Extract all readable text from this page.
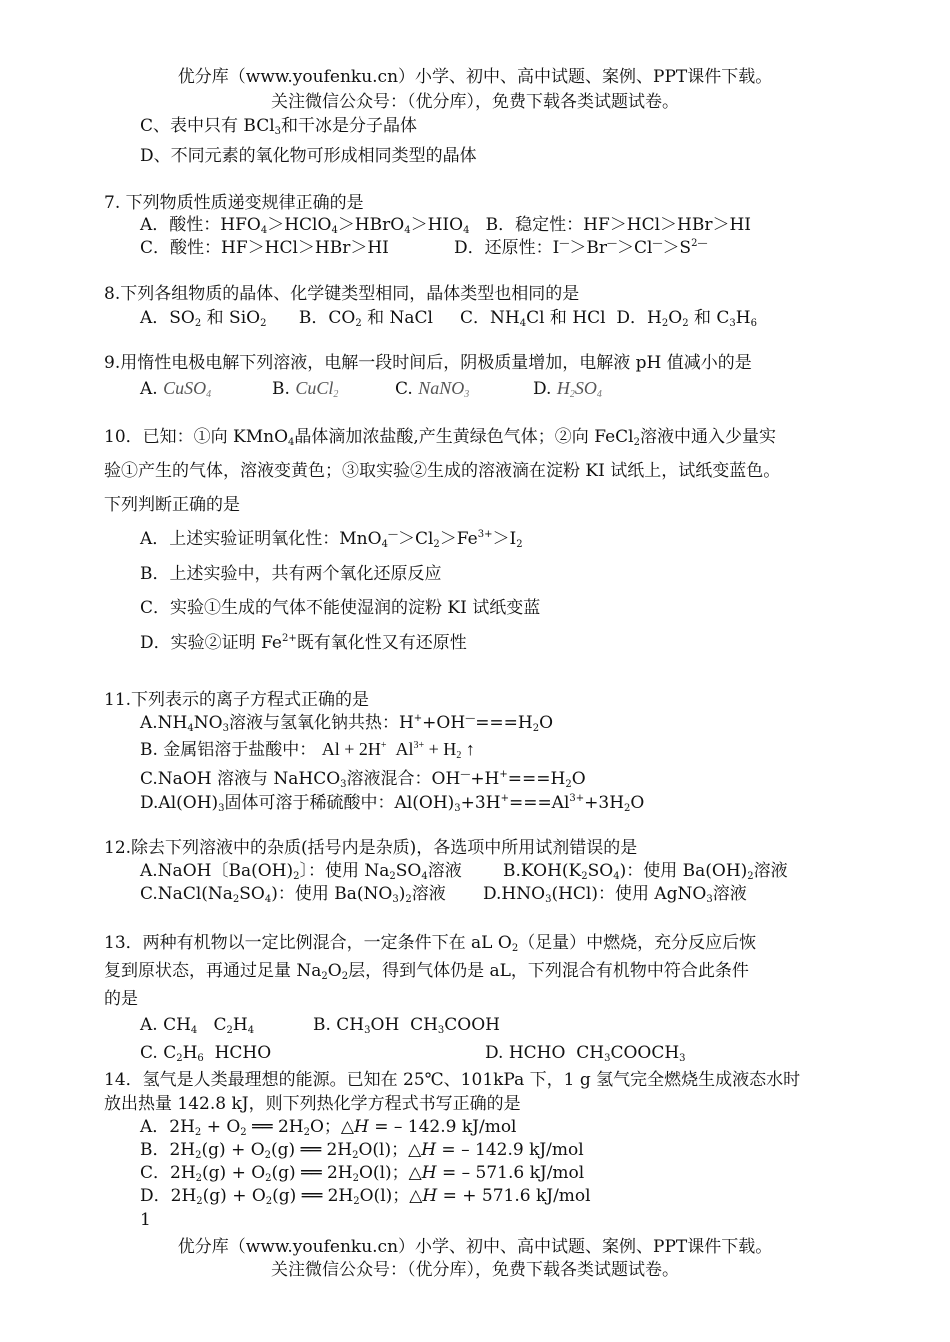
优分库（www.youfenku.cn）小学、初中、高中试题、案例、PPT课件下载。
关注微信公众号：（优分库），免费下载各类试题试卷。
C、表中只有 BCl$_3$和干冰是分子晶体
D、不同元素的氧化物可形成相同类型的晶体
7. 下列物质性质递变规律正确的是
A．酸性：$HFO_4>HClO_4>HBrO_4>HIO_4$   B．稳定性：HF＞HCl＞HBr＞HI
C．酸性：HF＞HCl＞HBr＞HI	D．还原性：$I^—>Br^—>Cl^—>S^{2—}$
8.下列各组物质的晶体、化学键类型相同，晶体类型也相同的是
A．$SO_2$ 和 SiO$_2$      B．$CO_2$ 和 NaCl     C．$NH_4Cl$ 和 HCl  D．$H_2O_2$ 和 $C_3H_6$
9.用惰性电极电解下列溶液，电解一段时间后，阴极质量增加，电解液 pH 值减小的是
A. CuSO$_4$	B. CuCl$_2$	C. NaNO$_3$	D. $H_2SO_4$
10．已知：①向 KMnO$_4$晶体滴加浓盐酸,产生黄绿色气体；②向 FeCl$_2$溶液中通入少量实
验①产生的气体，溶液变黄色；③取实验②生成的溶液滴在淀粉 KI 试纸上，试纸变蓝色。
下列判断正确的是
A．上述实验证明氧化性：$MnO_4^—>Cl_2>Fe^{3+}>I_2$
B．上述实验中，共有两个氧化还原反应
C．实验①生成的气体不能使湿润的淀粉 KI 试纸变蓝
D．实验②证明 $Fe^{2+}$既有氧化性又有还原性
11.下列表示的离子方程式正确的是
$A.NH_4NO_3$溶液与氢氧化钠共热：$H^++OH^—===H_2O$
B. 金属铝溶于盐酸中： Al + 2H+  $Al^{3+} + H_2$ ↑
C.NaOH 溶液与 NaHCO$_3$溶液混合：$OH^—+H^+===H_2O$
$D.Al(OH)_3$固体可溶于稀硫酸中：$Al(OH)_3+3H^+===Al^{3+}+3H_2O$
12.除去下列溶液中的杂质(括号内是杂质)，各选项中所用试剂错误的是
A.NaOH〔$Ba(OH)_2$〕：使用 $Na_2SO_4$溶液 $B.KOH(K_2SO_4)$：使用 $Ba(OH)_2$溶液
$C.NaCl(Na_2SO_4)$：使用 $Ba(NO_3)_2$溶液 $D.HNO_3(HCl)$：使用 AgNO$_3$溶液
13．两种有机物以一定比例混合，一定条件下在 aL $O_2$（足量）中燃烧，充分反应后恢
复到原状态，再通过足量 $Na_2O_2$层，得到气体仍是 aL，下列混合有机物中符合此条件
的是
A. $CH_4$   $C_2H_4$	B. $CH_3OH$  $CH_3COOH$
C. $C_2H_6$  HCHO	D. HCHO  $CH_3COOCH_3$
14．氢气是人类最理想的能源。已知在 25℃、101kPa 下，1 g 氢气完全燃烧生成液态水时
放出热量 142.8 kJ，则下列热化学方程式书写正确的是
A．$2H_2 + O_2$ ══ $2H_2O$；△H = – 142.9 kJ/mol
B．$2H_2(g) + O_2(g)$ ══ $2H_2O(l)$；△H = – 142.9 kJ/mol
C．$2H_2(g) + O_2(g)$ ══ $2H_2O(l)$；△H = – 571.6 kJ/mol
D．$2H_2(g) + O_2(g)$ ══ $2H_2O(l)$；△H = + 571.6 kJ/mol
1
优分库（www.youfenku.cn）小学、初中、高中试题、案例、PPT课件下载。
关注微信公众号：（优分库），免费下载各类试题试卷。
